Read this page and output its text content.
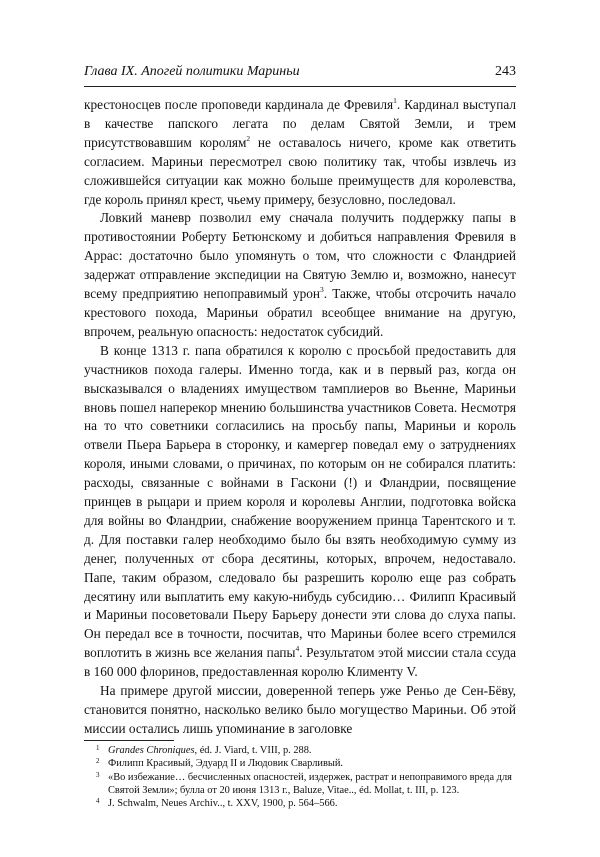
Глава IX. Апогей политики Мариньи	243

крестоносцев после проповеди кардинала де Фревиля$^1$. Кардинал выступал в качестве папского легата по делам Святой Земли, и трем присутствовавшим королям$^2$ не оставалось ничего, кроме как ответить согласием. Мариньи пересмотрел свою политику так, чтобы извлечь из сложившейся ситуации как можно больше преимуществ для королевства, где король принял крест, чьему примеру, безусловно, последовал.

Ловкий маневр позволил ему сначала получить поддержку папы в противостоянии Роберту Бетюнскому и добиться направления Фревиля в Аррас: достаточно было упомянуть о том, что сложности с Фландрией задержат отправление экспедиции на Святую Землю и, возможно, нанесут всему предприятию непоправимый урон$^3$. Также, чтобы отсрочить начало крестового похода, Мариньи обратил всеобщее внимание на другую, впрочем, реальную опасность: недостаток субсидий.

В конце 1313 г. папа обратился к королю с просьбой предоставить для участников похода галеры. Именно тогда, как и в первый раз, когда он высказывался о владениях имуществом тамплиеров во Вьенне, Мариньи вновь пошел наперекор мнению большинства участников Совета. Несмотря на то что советники согласились на просьбу папы, Мариньи и король отвели Пьера Барьера в сторонку, и камергер поведал ему о затруднениях короля, иными словами, о причинах, по которым он не собирался платить: расходы, связанные с войнами в Гаскони (!) и Фландрии, посвящение принцев в рыцари и прием короля и королевы Англии, подготовка войска для войны во Фландрии, снабжение вооружением принца Тарентского и т. д. Для поставки галер необходимо было бы взять необходимую сумму из денег, полученных от сбора десятины, которых, впрочем, недоставало. Папе, таким образом, следовало бы разрешить королю еще раз собрать десятину или выплатить ему какую-нибудь субсидию… Филипп Красивый и Мариньи посоветовали Пьеру Барьеру донести эти слова до слуха папы. Он передал все в точности, посчитав, что Мариньи более всего стремился воплотить в жизнь все желания папы$^4$. Результатом этой миссии стала ссуда в 160 000 флоринов, предоставленная королю Клименту V.

На примере другой миссии, доверенной теперь уже Реньо де Сен-Бёву, становится понятно, насколько велико было могущество Мариньи. Об этой миссии остались лишь упоминание в заголовке

1 Grandes Chroniques, éd. J. Viard, t. VIII, p. 288.

2 Филипп Красивый, Эдуард II и Людовик Сварливый.

3 «Во избежание… бесчисленных опасностей, издержек, растрат и непоправимого вреда для Святой Земли»; булла от 20 июня 1313 г., Baluze, Vitae.., éd. Mollat, t. III, p. 123.

4 J. Schwalm, Neues Archiv.., t. XXV, 1900, p. 564–566.
